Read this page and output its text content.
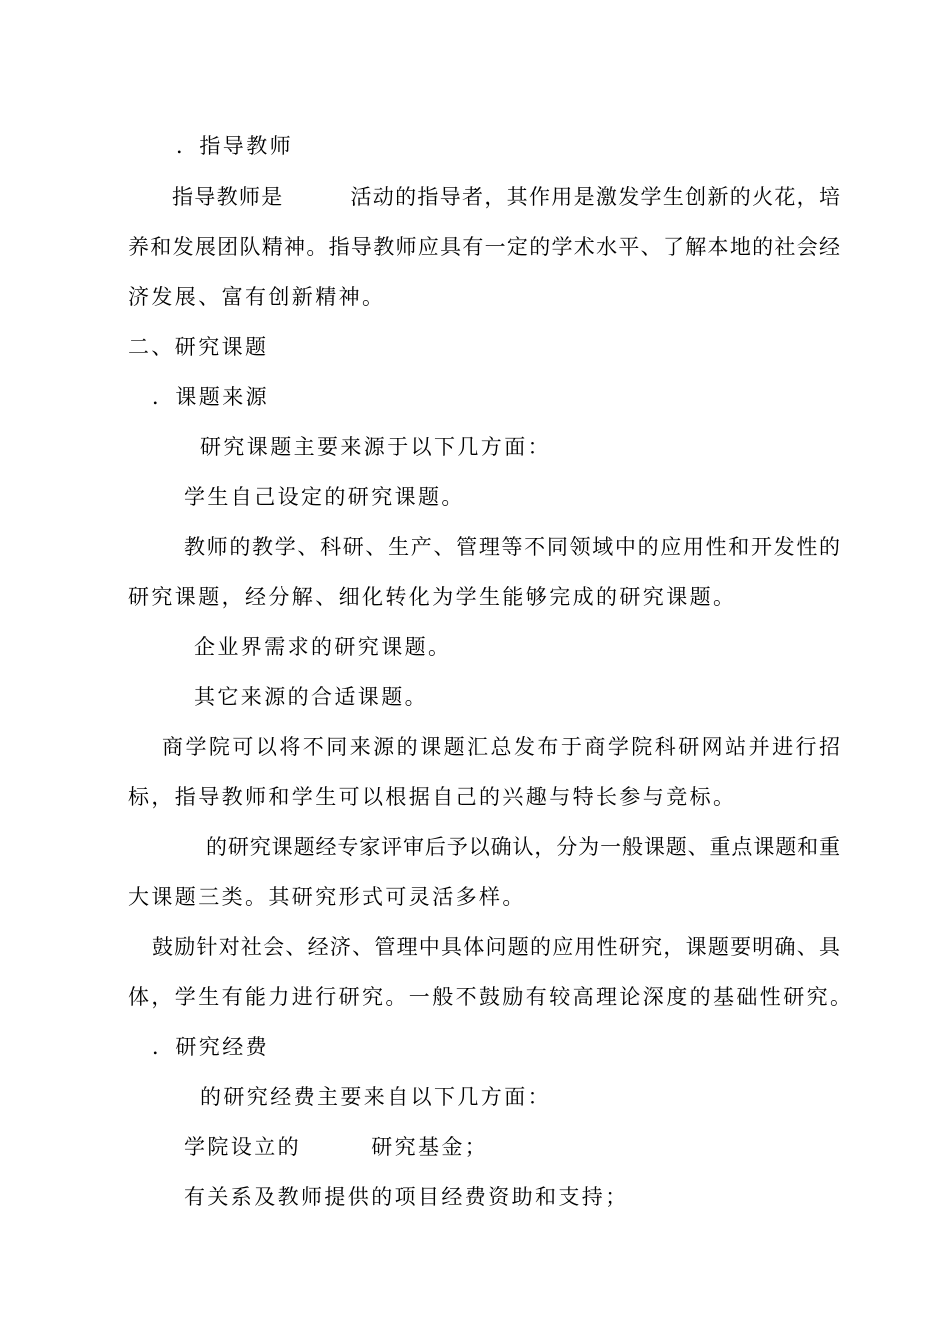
．指导教师
指导教师是　　　活动的指导者，其作用是激发学生创新的火花，培
养和发展团队精神。指导教师应具有一定的学术水平、了解本地的社会经
济发展、富有创新精神。
二、研究课题
．课题来源
研究课题主要来源于以下几方面：
学生自己设定的研究课题。
教师的教学、科研、生产、管理等不同领域中的应用性和开发性的
研究课题，经分解、细化转化为学生能够完成的研究课题。
企业界需求的研究课题。
其它来源的合适课题。
商学院可以将不同来源的课题汇总发布于商学院科研网站并进行招
标，指导教师和学生可以根据自己的兴趣与特长参与竞标。
的研究课题经专家评审后予以确认，分为一般课题、重点课题和重
大课题三类。其研究形式可灵活多样。
鼓励针对社会、经济、管理中具体问题的应用性研究，课题要明确、具
体，学生有能力进行研究。一般不鼓励有较高理论深度的基础性研究。
．研究经费
的研究经费主要来自以下几方面：
学院设立的　　　研究基金；
有关系及教师提供的项目经费资助和支持；
